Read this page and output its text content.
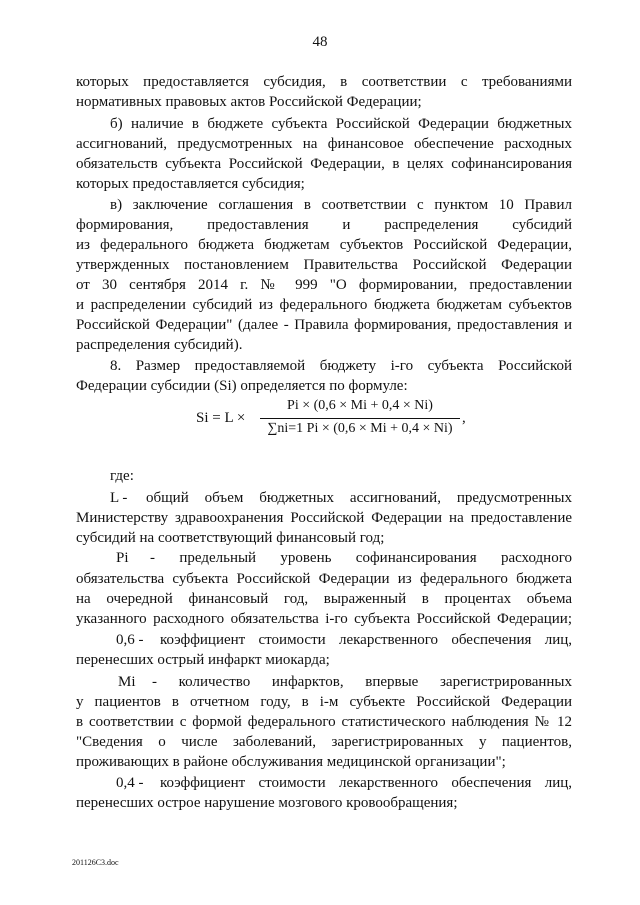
48
которых предоставляется субсидия, в соответствии с требованиями
нормативных правовых актов Российской Федерации;
б) наличие в бюджете субъекта Российской Федерации бюджетных
ассигнований, предусмотренных на финансовое обеспечение расходных
обязательств субъекта Российской Федерации, в целях софинансирования
которых предоставляется субсидия;
в) заключение соглашения в соответствии с пунктом 10 Правил
формирования, предоставления и распределения субсидий
из федерального бюджета бюджетам субъектов Российской Федерации,
утвержденных постановлением Правительства Российской Федерации
от 30 сентября 2014 г. № 999 "О формировании, предоставлении
и распределении субсидий из федерального бюджета бюджетам субъектов
Российской Федерации" (далее - Правила формирования, предоставления и
распределения субсидий).
8. Размер предоставляемой бюджету i-го субъекта Российской
Федерации субсидии (Si) определяется по формуле:
Si = L ×
Pi × (0,6 × Mi + 0,4 × Ni)
∑ni=1 Pi × (0,6 × Mi + 0,4 × Ni)
,
где:
L - общий объем бюджетных ассигнований, предусмотренных
Министерству здравоохранения Российской Федерации на предоставление
субсидий на соответствующий финансовый год;
Pi - предельный уровень софинансирования расходного
обязательства субъекта Российской Федерации из федерального бюджета
на очередной финансовый год, выраженный в процентах объема
указанного расходного обязательства i-го субъекта Российской Федерации;
0,6 - коэффициент стоимости лекарственного обеспечения лиц,
перенесших острый инфаркт миокарда;
Mi - количество инфарктов, впервые зарегистрированных
у пациентов в отчетном году, в i-м субъекте Российской Федерации
в соответствии с формой федерального статистического наблюдения № 12
"Сведения о числе заболеваний, зарегистрированных у пациентов,
проживающих в районе обслуживания медицинской организации";
0,4 - коэффициент стоимости лекарственного обеспечения лиц,
перенесших острое нарушение мозгового кровообращения;
201126С3.doc
